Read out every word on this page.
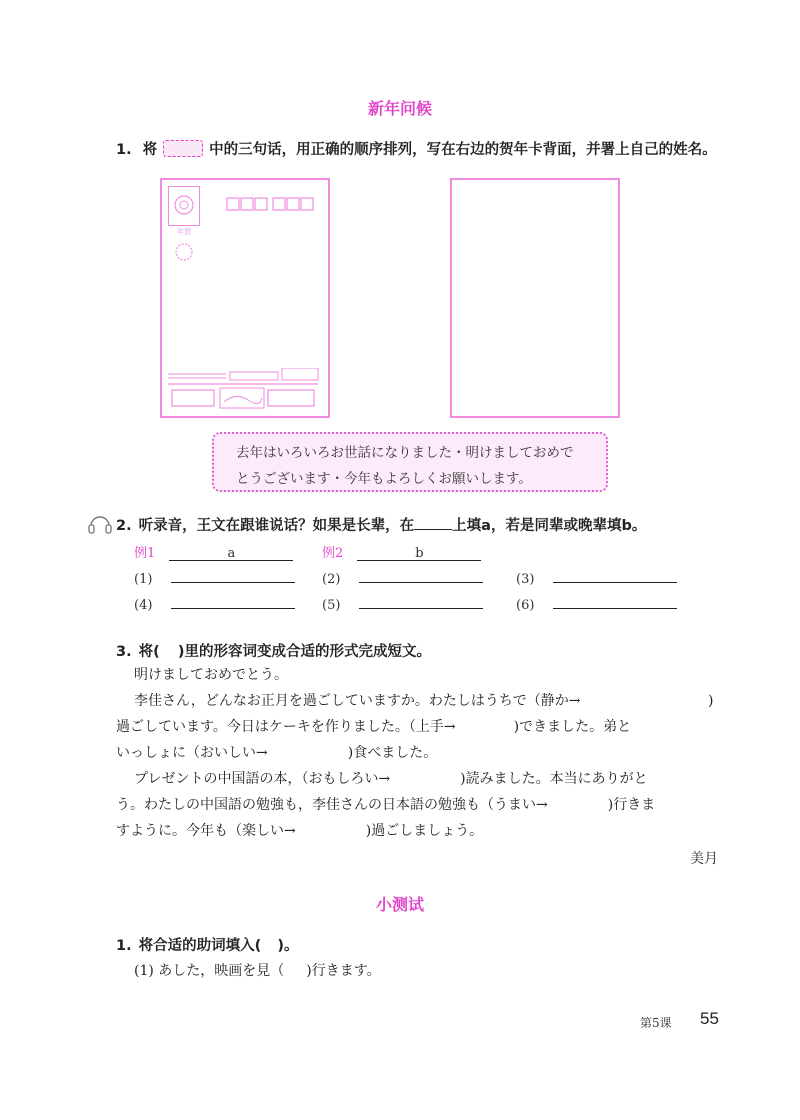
新年问候
1. 将	中的三句话，用正确的顺序排列，写在右边的贺年卡背面，并署上自己的姓名。
年賀
·····
去年はいろいろお世話になりました・明けましておめで
とうございます・今年もよろしくお願いします。
2. 听录音，王文在跟谁说话？如果是长辈，在	上填a，若是同辈或晚辈填b。
例1	a	例2	b
(1)	(2)	(3)
(4)	(5)	(6)
3. 将( )里的形容词变成合适的形式完成短文。
明けましておめでとう。
李佳さん，どんなお正月を過ごしていますか。わたしはうちで（静か→	)
過ごしています。今日はケーキを作りました。（上手→	)できました。弟と
いっしょに（おいしい→	)食べました。
プレゼントの中国語の本，（おもしろい→	)読みました。本当にありがと
う。わたしの中国語の勉強も，李佳さんの日本語の勉強も（うまい→	)行きま
すように。今年も（楽しい→	)過ごしましょう。
美月
小测试
1. 将合适的助词填入( )。
(1) あした，映画を見（ )行きます。
第5课 55
